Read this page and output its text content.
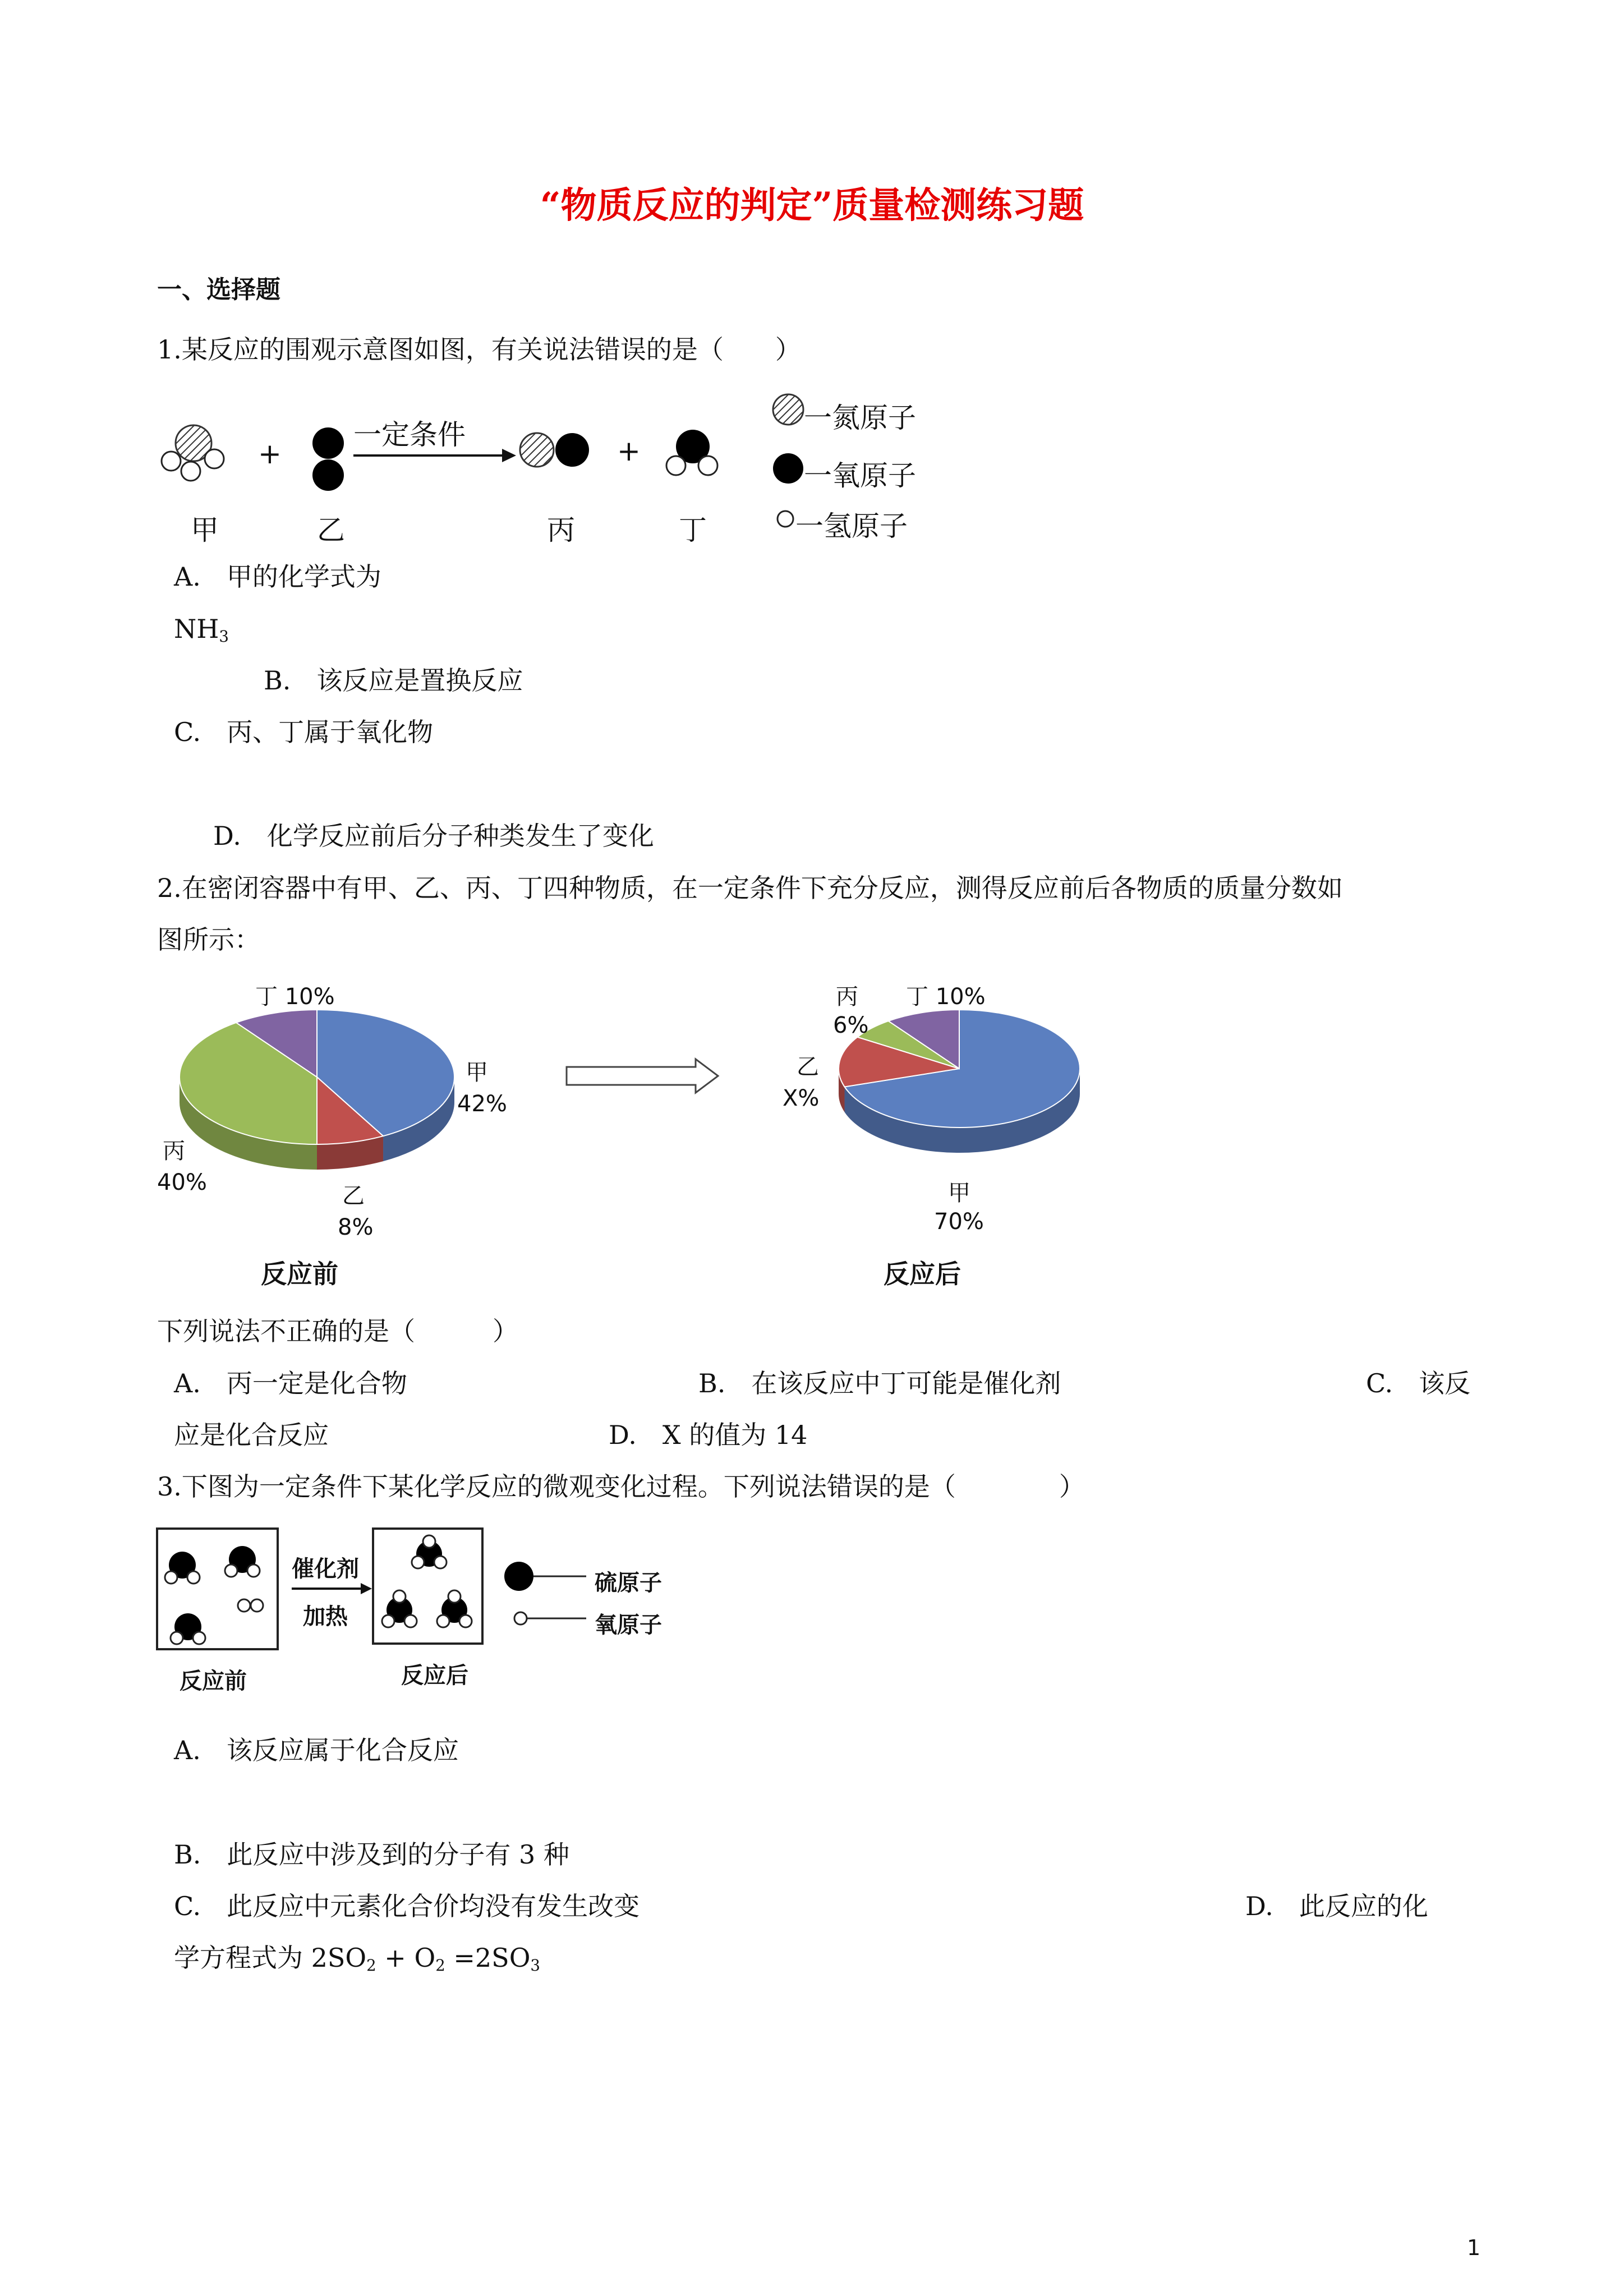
“物质反应的判定”质量检测练习题
一、选择题
1.某反应的围观示意图如图，有关说法错误的是（　　）
+	+
一定条件
甲	乙	丙	丁
一氮原子
一氧原子
一氢原子
A.　甲的化学式为
$NH_3$
B.　该反应是置换反应
C.　丙、丁属于氧化物
D.　化学反应前后分子种类发生了变化
2.在密闭容器中有甲、乙、丙、丁四种物质，在一定条件下充分反应，测得反应前后各物质的质量分数如
图所示：
丁 10%
甲
42%
丙
40%
乙
8%
反应前
丙
6%
丁 10%
乙
X%
甲
70%
反应后
下列说法不正确的是（　　　）
A.　丙一定是化合物	B.　在该反应中丁可能是催化剂	C.　该反
应是化合反应	D.　X 的值为 14
3.下图为一定条件下某化学反应的微观变化过程。下列说法错误的是（　　　　）
催化剂
加热
硫原子
氧原子
反应前	反应后
A.　该反应属于化合反应
B.　此反应中涉及到的分子有 3 种
C.　此反应中元素化合价均没有发生改变	D.　此反应的化
学方程式为 $2SO_2 + O_2 =2SO_3$
1
